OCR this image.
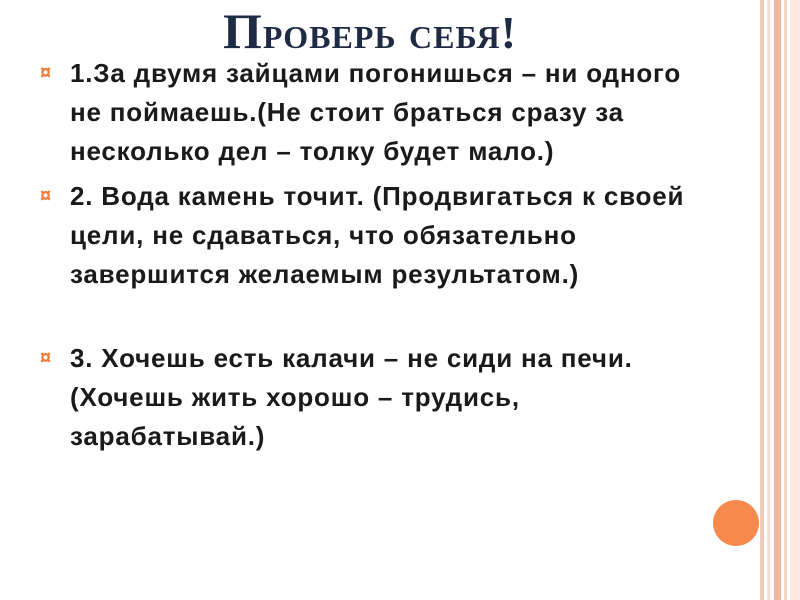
Проверь себя!
¤ 1.За двумя зайцами погонишься – ни одного не поймаешь.(Не стоит браться сразу за несколько дел – толку будет мало.)
¤ 2. Вода камень точит. (Продвигаться к своей цели, не сдаваться, что обязательно завершится желаемым результатом.)
¤ 3. Хочешь есть калачи – не сиди на печи. (Хочешь жить хорошо – трудись, зарабатывай.)
